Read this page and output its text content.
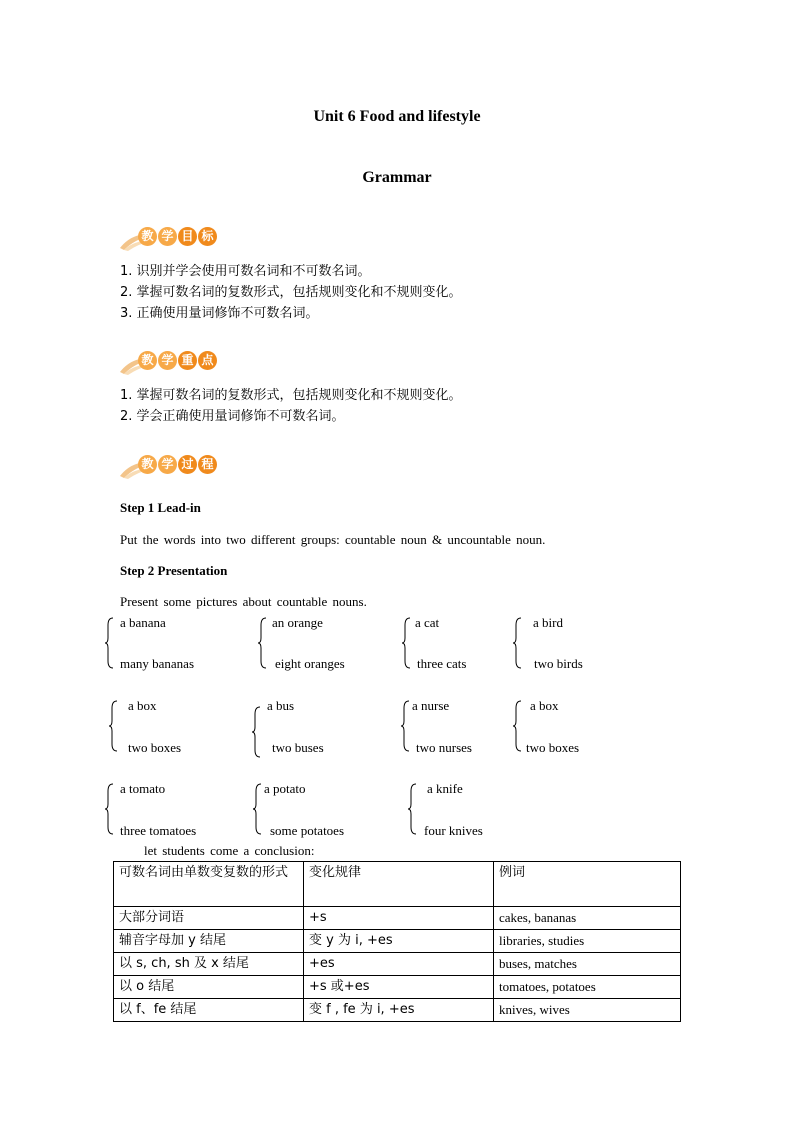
Unit 6 Food and lifestyle
Grammar
教 学 目 标
1. 识别并学会使用可数名词和不可数名词。
2. 掌握可数名词的复数形式，包括规则变化和不规则变化。
3. 正确使用量词修饰不可数名词。
教 学 重 点
1. 掌握可数名词的复数形式，包括规则变化和不规则变化。
2. 学会正确使用量词修饰不可数名词。
教 学 过 程
Step 1 Lead-in
Put the words into two different groups: countable noun & uncountable noun.
Step 2 Presentation
Present some pictures about countable nouns.
a banana
many bananas
an orange
eight oranges
a cat
three cats
a bird
two birds
a box
two boxes
a bus
two buses
a nurse
two nurses
a box
two boxes
a tomato
three tomatoes
a potato
some potatoes
a knife
four knives
let students come a conclusion:
可数名词由单数变复数的形式	变化规律	例词
大部分词语	+s	cakes, bananas
辅音字母加 y 结尾	变 y 为 i, +es	libraries, studies
以 s, ch, sh 及 x 结尾	+es	buses, matches
以 o 结尾	+s 或+es	tomatoes, potatoes
以 f、fe 结尾	变 f , fe 为 i, +es	knives, wives
